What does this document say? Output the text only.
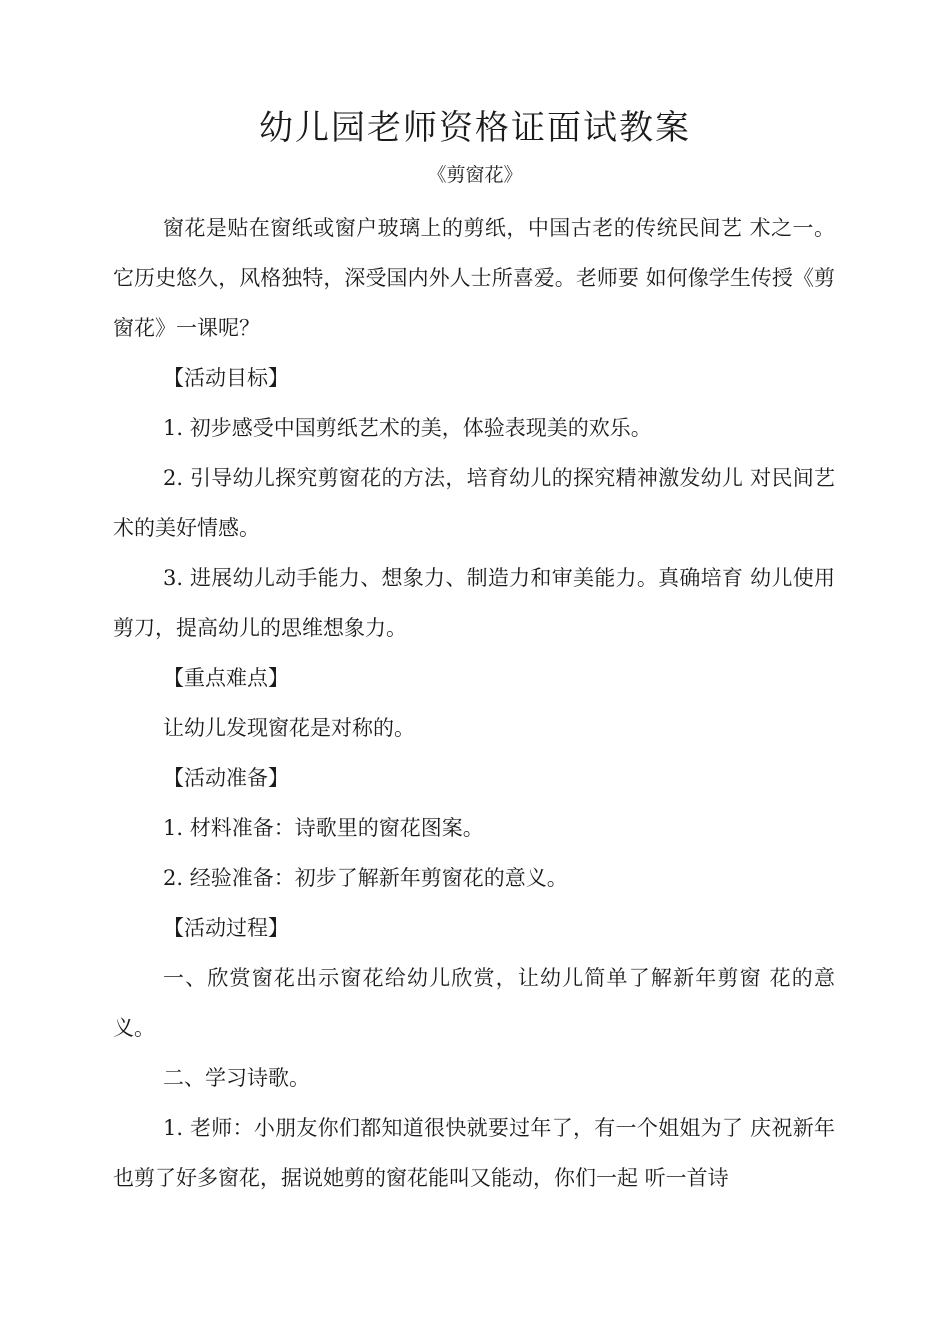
幼儿园老师资格证面试教案
《剪窗花》

窗花是贴在窗纸或窗户玻璃上的剪纸，中国古老的传统民间艺 术之一。它历史悠久，风格独特，深受国内外人士所喜爱。老师要 如何像学生传授《剪窗花》一课呢？

【活动目标】

1. 初步感受中国剪纸艺术的美，体验表现美的欢乐。

2. 引导幼儿探究剪窗花的方法，培育幼儿的探究精神激发幼儿 对民间艺术的美好情感。

3. 进展幼儿动手能力、想象力、制造力和审美能力。真确培育 幼儿使用剪刀，提高幼儿的思维想象力。

【重点难点】

让幼儿发现窗花是对称的。

【活动准备】

1. 材料准备：诗歌里的窗花图案。

2. 经验准备：初步了解新年剪窗花的意义。

【活动过程】

一、欣赏窗花出示窗花给幼儿欣赏，让幼儿简单了解新年剪窗 花的意义。

二、学习诗歌。

1. 老师：小朋友你们都知道很快就要过年了，有一个姐姐为了 庆祝新年也剪了好多窗花，据说她剪的窗花能叫又能动，你们一起 听一首诗
